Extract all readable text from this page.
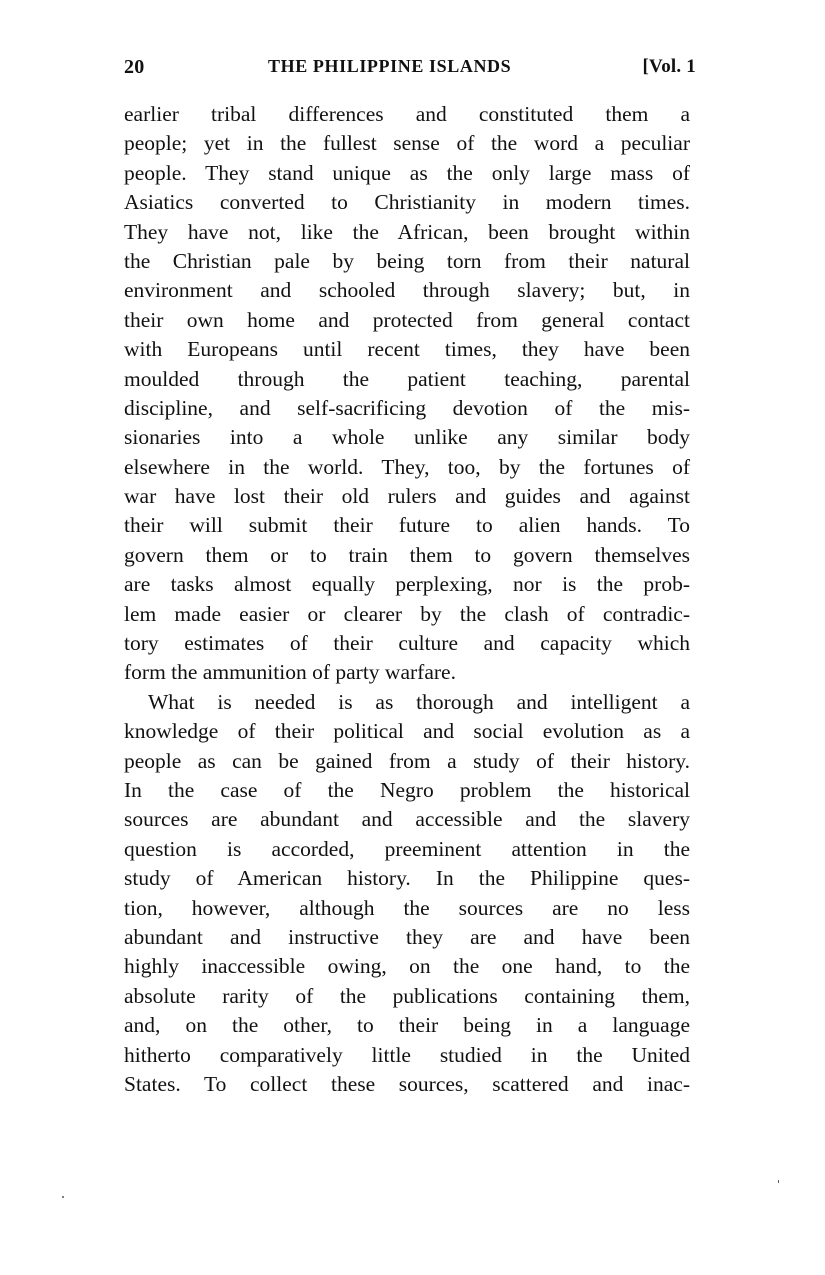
20	THE PHILIPPINE ISLANDS	[Vol. 1
earlier tribal differences and constituted them a
people; yet in the fullest sense of the word a peculiar
people. They stand unique as the only large mass of
Asiatics converted to Christianity in modern times.
They have not, like the African, been brought within
the Christian pale by being torn from their natural
environment and schooled through slavery; but, in
their own home and protected from general contact
with Europeans until recent times, they have been
moulded through the patient teaching, parental
discipline, and self-sacrificing devotion of the mis-
sionaries into a whole unlike any similar body
elsewhere in the world. They, too, by the fortunes of
war have lost their old rulers and guides and against
their will submit their future to alien hands. To
govern them or to train them to govern themselves
are tasks almost equally perplexing, nor is the prob-
lem made easier or clearer by the clash of contradic-
tory estimates of their culture and capacity which
form the ammunition of party warfare.
What is needed is as thorough and intelligent a
knowledge of their political and social evolution as a
people as can be gained from a study of their history.
In the case of the Negro problem the historical
sources are abundant and accessible and the slavery
question is accorded, preeminent attention in the
study of American history. In the Philippine ques-
tion, however, although the sources are no less
abundant and instructive they are and have been
highly inaccessible owing, on the one hand, to the
absolute rarity of the publications containing them,
and, on the other, to their being in a language
hitherto comparatively little studied in the United
States. To collect these sources, scattered and inac-
